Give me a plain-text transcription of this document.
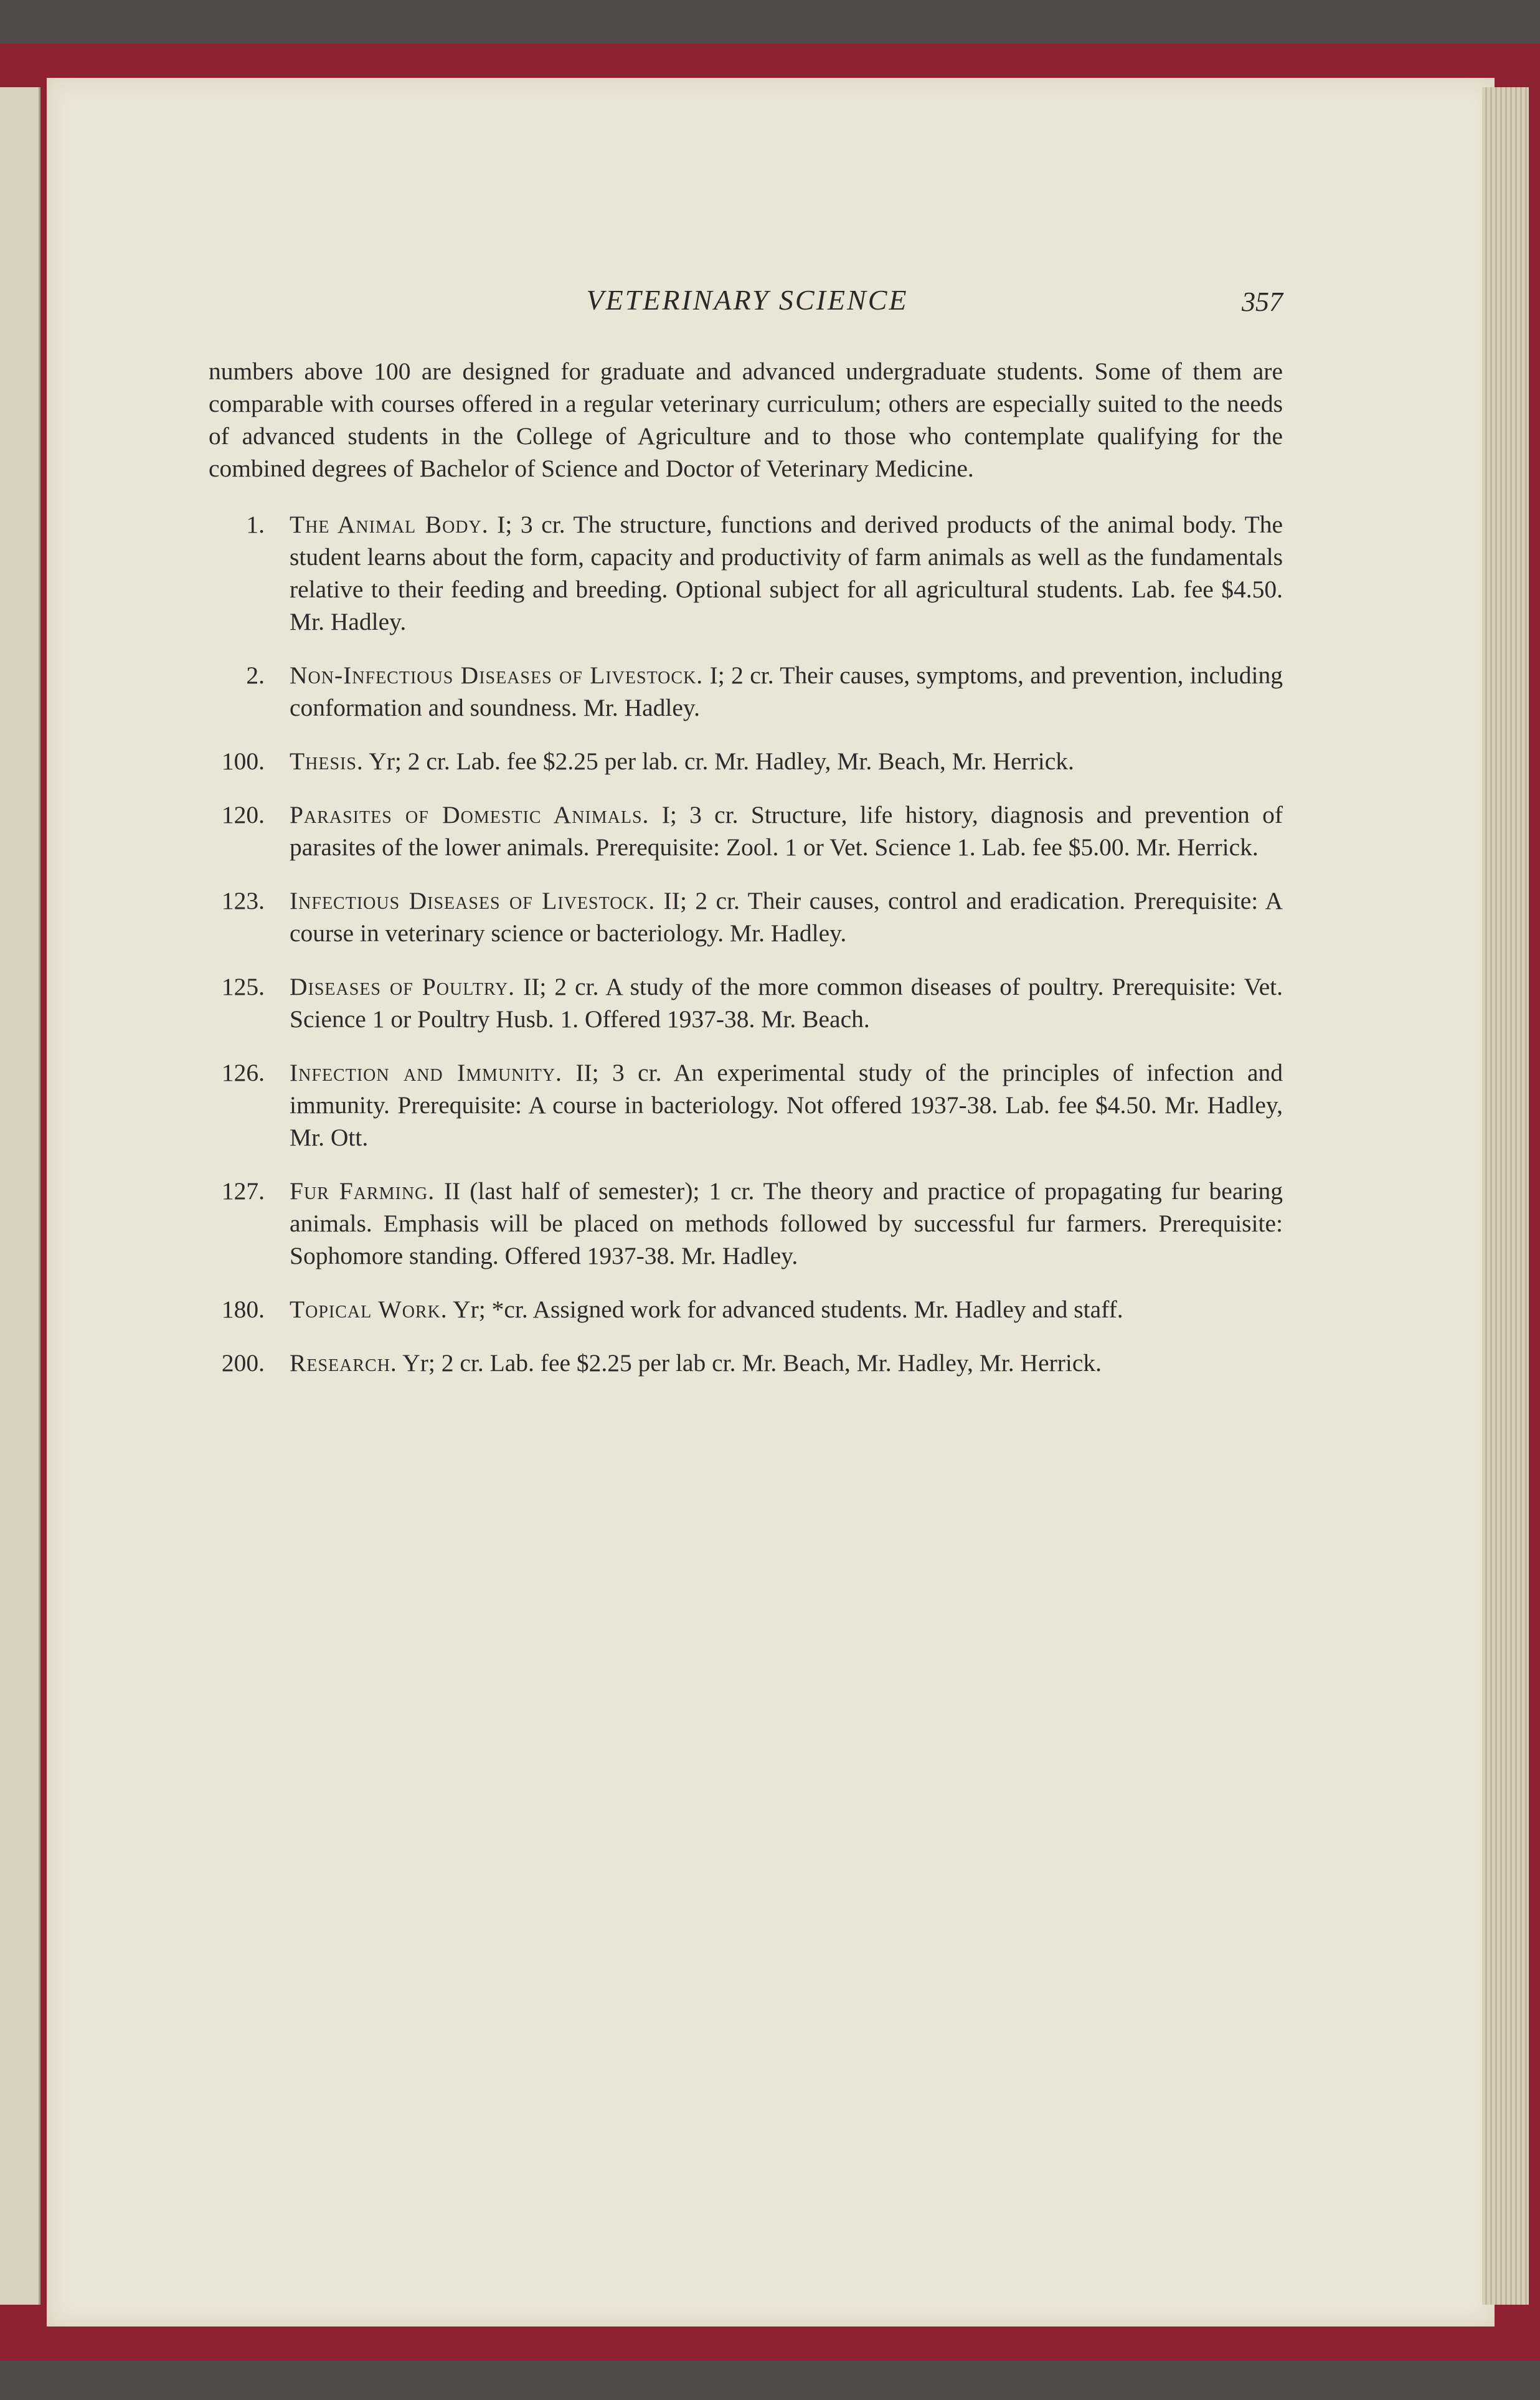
VETERINARY SCIENCE	357

numbers above 100 are designed for graduate and advanced undergraduate students. Some of them are comparable with courses offered in a regular veterinary curriculum; others are especially suited to the needs of advanced students in the College of Agriculture and to those who contemplate qualifying for the combined degrees of Bachelor of Science and Doctor of Veterinary Medicine.

1. The Animal Body. I; 3 cr. The structure, functions and derived products of the animal body. The student learns about the form, capacity and productivity of farm animals as well as the fundamentals relative to their feeding and breeding. Optional subject for all agricultural students. Lab. fee $4.50. Mr. Hadley.
2. Non-Infectious Diseases of Livestock. I; 2 cr. Their causes, symptoms, and prevention, including conformation and soundness. Mr. Hadley.
100. Thesis. Yr; 2 cr. Lab. fee $2.25 per lab. cr. Mr. Hadley, Mr. Beach, Mr. Herrick.
120. Parasites of Domestic Animals. I; 3 cr. Structure, life history, diagnosis and prevention of parasites of the lower animals. Prerequisite: Zool. 1 or Vet. Science 1. Lab. fee $5.00. Mr. Herrick.
123. Infectious Diseases of Livestock. II; 2 cr. Their causes, control and eradication. Prerequisite: A course in veterinary science or bacteriology. Mr. Hadley.
125. Diseases of Poultry. II; 2 cr. A study of the more common diseases of poultry. Prerequisite: Vet. Science 1 or Poultry Husb. 1. Offered 1937-38. Mr. Beach.
126. Infection and Immunity. II; 3 cr. An experimental study of the principles of infection and immunity. Prerequisite: A course in bacteriology. Not offered 1937-38. Lab. fee $4.50. Mr. Hadley, Mr. Ott.
127. Fur Farming. II (last half of semester); 1 cr. The theory and practice of propagating fur bearing animals. Emphasis will be placed on methods followed by successful fur farmers. Prerequisite: Sophomore standing. Offered 1937-38. Mr. Hadley.
180. Topical Work. Yr; *cr. Assigned work for advanced students. Mr. Hadley and staff.
200. Research. Yr; 2 cr. Lab. fee $2.25 per lab cr. Mr. Beach, Mr. Hadley, Mr. Herrick.
